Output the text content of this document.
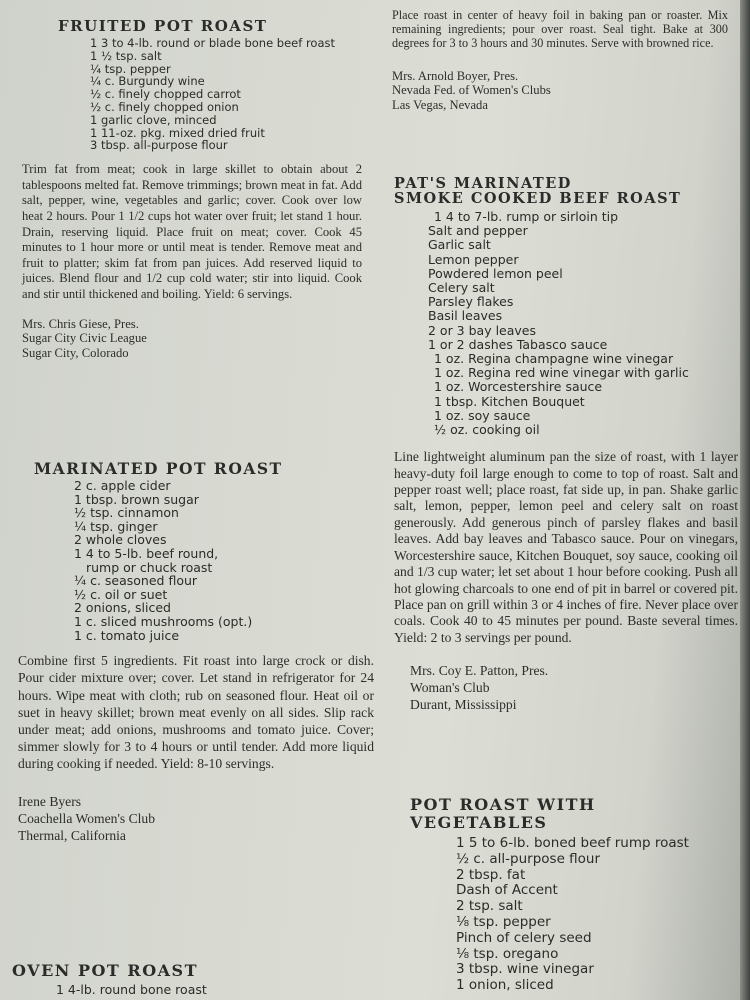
FRUITED POT ROAST
1 3 to 4-lb. round or blade bone beef roast
1 ½ tsp. salt
¼ tsp. pepper
¼ c. Burgundy wine
½ c. finely chopped carrot
½ c. finely chopped onion
1 garlic clove, minced
1 11-oz. pkg. mixed dried fruit
3 tbsp. all-purpose flour

Trim fat from meat; cook in large skillet to obtain about 2 tablespoons melted fat. Remove trimmings; brown meat in fat. Add salt, pepper, wine, vegetables and garlic; cover. Cook over low heat 2 hours. Pour 1 1/2 cups hot water over fruit; let stand 1 hour. Drain, reserving liquid. Place fruit on meat; cover. Cook 45 minutes to 1 hour more or until meat is tender. Remove meat and fruit to platter; skim fat from pan juices. Add reserved liquid to juices. Blend flour and 1/2 cup cold water; stir into liquid. Cook and stir until thickened and boiling. Yield: 6 servings.

Mrs. Chris Giese, Pres.
Sugar City Civic League
Sugar City, Colorado
MARINATED POT ROAST
2 c. apple cider
1 tbsp. brown sugar
½ tsp. cinnamon
¼ tsp. ginger
2 whole cloves
1 4 to 5-lb. beef round,
rump or chuck roast
¼ c. seasoned flour
½ c. oil or suet
2 onions, sliced
1 c. sliced mushrooms (opt.)
1 c. tomato juice

Combine first 5 ingredients. Fit roast into large crock or dish. Pour cider mixture over; cover. Let stand in refrigerator for 24 hours. Wipe meat with cloth; rub on seasoned flour. Heat oil or suet in heavy skillet; brown meat evenly on all sides. Slip rack under meat; add onions, mushrooms and tomato juice. Cover; simmer slowly for 3 to 4 hours or until tender. Add more liquid during cooking if needed. Yield: 8-10 servings.

Irene Byers
Coachella Women's Club
Thermal, California
OVEN POT ROAST
1 4-lb. round bone roast

Place roast in center of heavy foil in baking pan or roaster. Mix remaining ingredients; pour over roast. Seal tight. Bake at 300 degrees for 3 to 3 hours and 30 minutes. Serve with browned rice.

Mrs. Arnold Boyer, Pres.
Nevada Fed. of Women's Clubs
Las Vegas, Nevada
PAT'S MARINATED
SMOKE COOKED BEEF ROAST
1 4 to 7-lb. rump or sirloin tip
Salt and pepper
Garlic salt
Lemon pepper
Powdered lemon peel
Celery salt
Parsley flakes
Basil leaves
2 or 3 bay leaves
1 or 2 dashes Tabasco sauce
1 oz. Regina champagne wine vinegar
1 oz. Regina red wine vinegar with garlic
1 oz. Worcestershire sauce
1 tbsp. Kitchen Bouquet
1 oz. soy sauce
½ oz. cooking oil

Line lightweight aluminum pan the size of roast, with 1 layer heavy-duty foil large enough to come to top of roast. Salt and pepper roast well; place roast, fat side up, in pan. Shake garlic salt, lemon, pepper, lemon peel and celery salt on roast generously. Add generous pinch of parsley flakes and basil leaves. Add bay leaves and Tabasco sauce. Pour on vinegars, Worcestershire sauce, Kitchen Bouquet, soy sauce, cooking oil and 1/3 cup water; let set about 1 hour before cooking. Push all hot glowing charcoals to one end of pit in barrel or covered pit. Place pan on grill within 3 or 4 inches of fire. Never place over coals. Cook 40 to 45 minutes per pound. Baste several times. Yield: 2 to 3 servings per pound.

Mrs. Coy E. Patton, Pres.
Woman's Club
Durant, Mississippi
POT ROAST WITH
VEGETABLES
1 5 to 6-lb. boned beef rump roast
½ c. all-purpose flour
2 tbsp. fat
Dash of Accent
2 tsp. salt
⅛ tsp. pepper
Pinch of celery seed
⅛ tsp. oregano
3 tbsp. wine vinegar
1 onion, sliced
